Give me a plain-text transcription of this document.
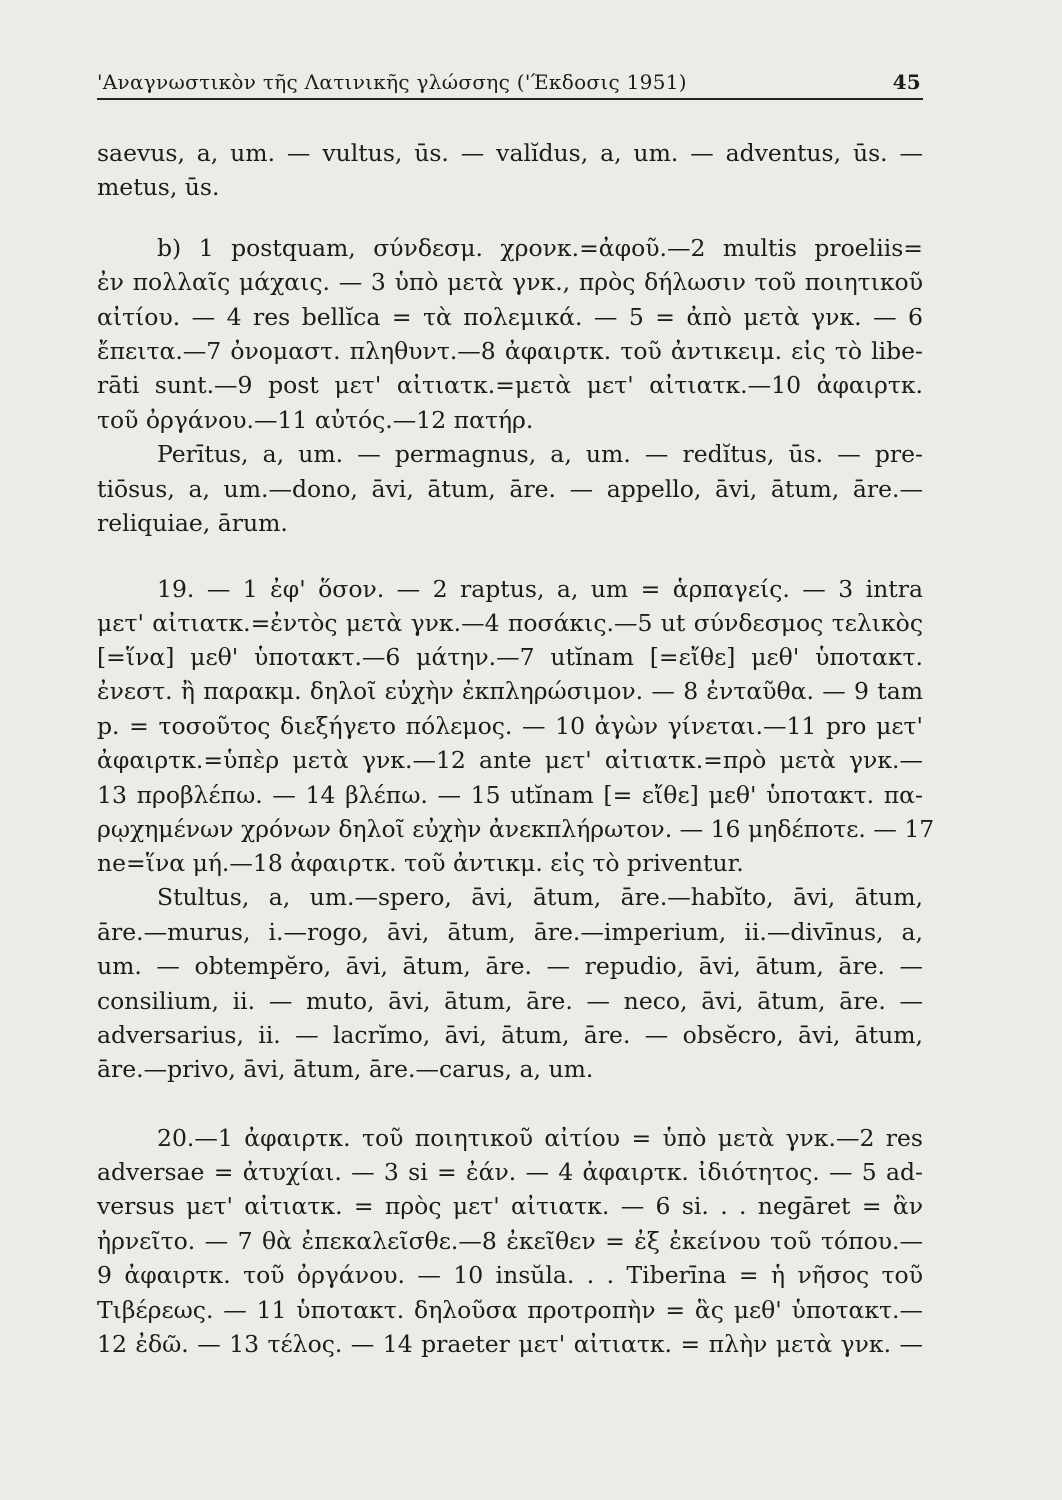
'Αναγνωστικὸν τῆς Λατινικῆς γλώσσης ('Έκδοσις 1951)	45
saevus, a, um. — vultus, ūs. — valĭdus, a, um. — adventus, ūs. —
metus, ūs.
b) 1 postquam, σύνδεσμ. χρονκ.=ἀφοῦ.—2 multis proeliis=
ἐν πολλαῖς μάχαις. — 3 ὑπὸ μετὰ γνκ., πρὸς δήλωσιν τοῦ ποιητικοῦ
αἰτίου. — 4 res bellĭca = τὰ πολεμικά. — 5 = ἀπὸ μετὰ γνκ. — 6
ἔπειτα.—7 ὀνομαστ. πληθυντ.—8 ἀφαιρτκ. τοῦ ἀντικειμ. εἰς τὸ libe-
rāti sunt.—9 post μετ' αἰτιατκ.=μετὰ μετ' αἰτιατκ.—10 ἀφαιρτκ.
τοῦ ὀργάνου.—11 αὐτός.—12 πατήρ.
Perītus, a, um. — permagnus, a, um. — redĭtus, ūs. — pre-
tiōsus, a, um.—dono, āvi, ātum, āre. — appello, āvi, ātum, āre.—
reliquiae, ārum.
19. — 1 ἐφ' ὅσον. — 2 raptus, a, um = ἁρπαγείς. — 3 intra
μετ' αἰτιατκ.=ἐντὸς μετὰ γνκ.—4 ποσάκις.—5 ut σύνδεσμος τελικὸς
[=ἵνα] μεθ' ὑποτακτ.—6 μάτην.—7 utĭnam [=εἴθε] μεθ' ὑποτακτ.
ἐνεστ. ἢ παρακμ. δηλοῖ εὐχὴν ἐκπληρώσιμον. — 8 ἐνταῦθα. — 9 tam
p. = τοσοῦτος διεξήγετο πόλεμος. — 10 ἀγὼν γίνεται.—11 pro μετ'
ἀφαιρτκ.=ὑπὲρ μετὰ γνκ.—12 ante μετ' αἰτιατκ.=πρὸ μετὰ γνκ.—
13 προβλέπω. — 14 βλέπω. — 15 utĭnam [= εἴθε] μεθ' ὑποτακτ. πα-
ρῳχημένων χρόνων δηλοῖ εὐχὴν ἀνεκπλήρωτον. — 16 μηδέποτε. — 17
ne=ἵνα μή.—18 ἀφαιρτκ. τοῦ ἀντικμ. εἰς τὸ priventur.
Stultus, a, um.—spero, āvi, ātum, āre.—habĭto, āvi, ātum,
āre.—murus, i.—rogo, āvi, ātum, āre.—imperium, ii.—divīnus, a,
um. — obtempĕro, āvi, ātum, āre. — repudio, āvi, ātum, āre. —
consilium, ii. — muto, āvi, ātum, āre. — neco, āvi, ātum, āre. —
adversarius, ii. — lacrĭmo, āvi, ātum, āre. — obsĕcro, āvi, ātum,
āre.—privo, āvi, ātum, āre.—carus, a, um.
20.—1 ἀφαιρτκ. τοῦ ποιητικοῦ αἰτίου = ὑπὸ μετὰ γνκ.—2 res
adversae = ἀτυχίαι. — 3 si = ἐάν. — 4 ἀφαιρτκ. ἰδιότητος. — 5 ad-
versus μετ' αἰτιατκ. = πρὸς μετ' αἰτιατκ. — 6 si. . . negāret = ἂν
ἠρνεῖτο. — 7 θὰ ἐπεκαλεῖσθε.—8 ἐκεῖθεν = ἐξ ἐκείνου τοῦ τόπου.—
9 ἀφαιρτκ. τοῦ ὀργάνου. — 10 insŭla. . . Tiberīna = ἡ νῆσος τοῦ
Τιβέρεως. — 11 ὑποτακτ. δηλοῦσα προτροπὴν = ἃς μεθ' ὑποτακτ.—
12 ἐδῶ. — 13 τέλος. — 14 praeter μετ' αἰτιατκ. = πλὴν μετὰ γνκ. —
